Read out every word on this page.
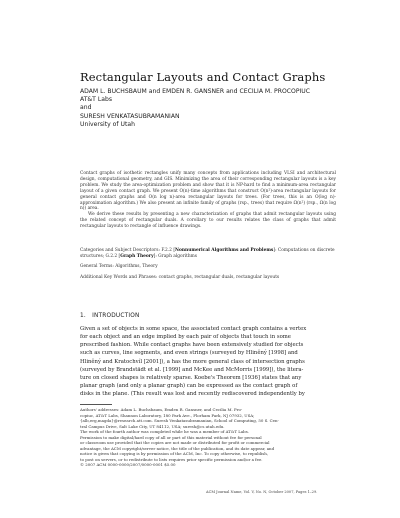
Rectangular Layouts and Contact Graphs
ADAM L. BUCHSBAUM and EMDEN R. GANSNER and CECILIA M. PROCOPIUC
AT&T Labs
and
SURESH VENKATASUBRAMANIAN
University of Utah

Contact graphs of isothetic rectangles unify many concepts from applications including VLSI and architectural design, computational geometry, and GIS. Minimizing the area of their corresponding rectangular layouts is a key problem. We study the area-optimization problem and show that it is NP-hard to find a minimum-area rectangular layout of a given contact graph. We present O(n)-time algorithms that construct O(n²)-area rectangular layouts for general contact graphs and O(n log n)-area rectangular layouts for trees. (For trees, this is an O(log n)-approximation algorithm.) We also present an infinite family of graphs (rsp., trees) that require Ω(n²) (rsp., Ω(n log n)) area.

We derive these results by presenting a new characterization of graphs that admit rectangular layouts using the related concept of rectangular duals. A corollary to our results relates the class of graphs that admit rectangular layouts to rectangle of influence drawings.

Categories and Subject Descriptors: F.2.2 [Nonnumerical Algorithms and Problems]: Computations on discrete structures; G.2.2 [Graph Theory]: Graph algorithms
General Terms: Algorithms, Theory
Additional Key Words and Phrases: contact graphs, rectangular duals, rectangular layouts
1. INTRODUCTION
Given a set of objects in some space, the associated contact graph contains a vertex
for each object and an edge implied by each pair of objects that touch in some
prescribed fashion. While contact graphs have been extensively studied for objects
such as curves, line segments, and even strings (surveyed by Hliněný [1998] and
Hliněný and Kratochvíl [2001]), a has the more general class of intersection graphs
(surveyed by Brandstädt et al. [1999] and McKee and McMorris [1999]), the litera-
ture on closed shapes is relatively sparse. Koebe's Theorem [1936] states that any
planar graph (and only a planar graph) can be expressed as the contact graph of
disks in the plane. (This result was lost and recently rediscovered independently by
Authors' addresses: Adam L. Buchsbaum, Emden R. Gansner, and Cecilia M. Pro-
copiuc, AT&T Labs, Shannon Laboratory, 180 Park Ave., Florham Park, NJ 07932, USA;
{alb,erg,magda}@research.att.com. Suresh Venkatasubramanian, School of Computing, 50 S. Cen-
tral Campus Drive, Salt Lake City, UT 84112, USA; suresh@cs.utah.edu.
The work of the fourth author was completed while he was a member of AT&T Labs.
Permission to make digital/hard copy of all or part of this material without fee for personal
or classroom use provided that the copies are not made or distributed for profit or commercial
advantage, the ACM copyright/server notice, the title of the publication, and its date appear, and
notice is given that copying is by permission of the ACM, Inc. To copy otherwise, to republish,
to post on servers, or to redistribute to lists requires prior specific permission and/or a fee.
© 2007 ACM 0000-0000/2007/0000-0001 $5.00
ACM Journal Name, Vol. V, No. N, October 2007, Pages 1–29.
